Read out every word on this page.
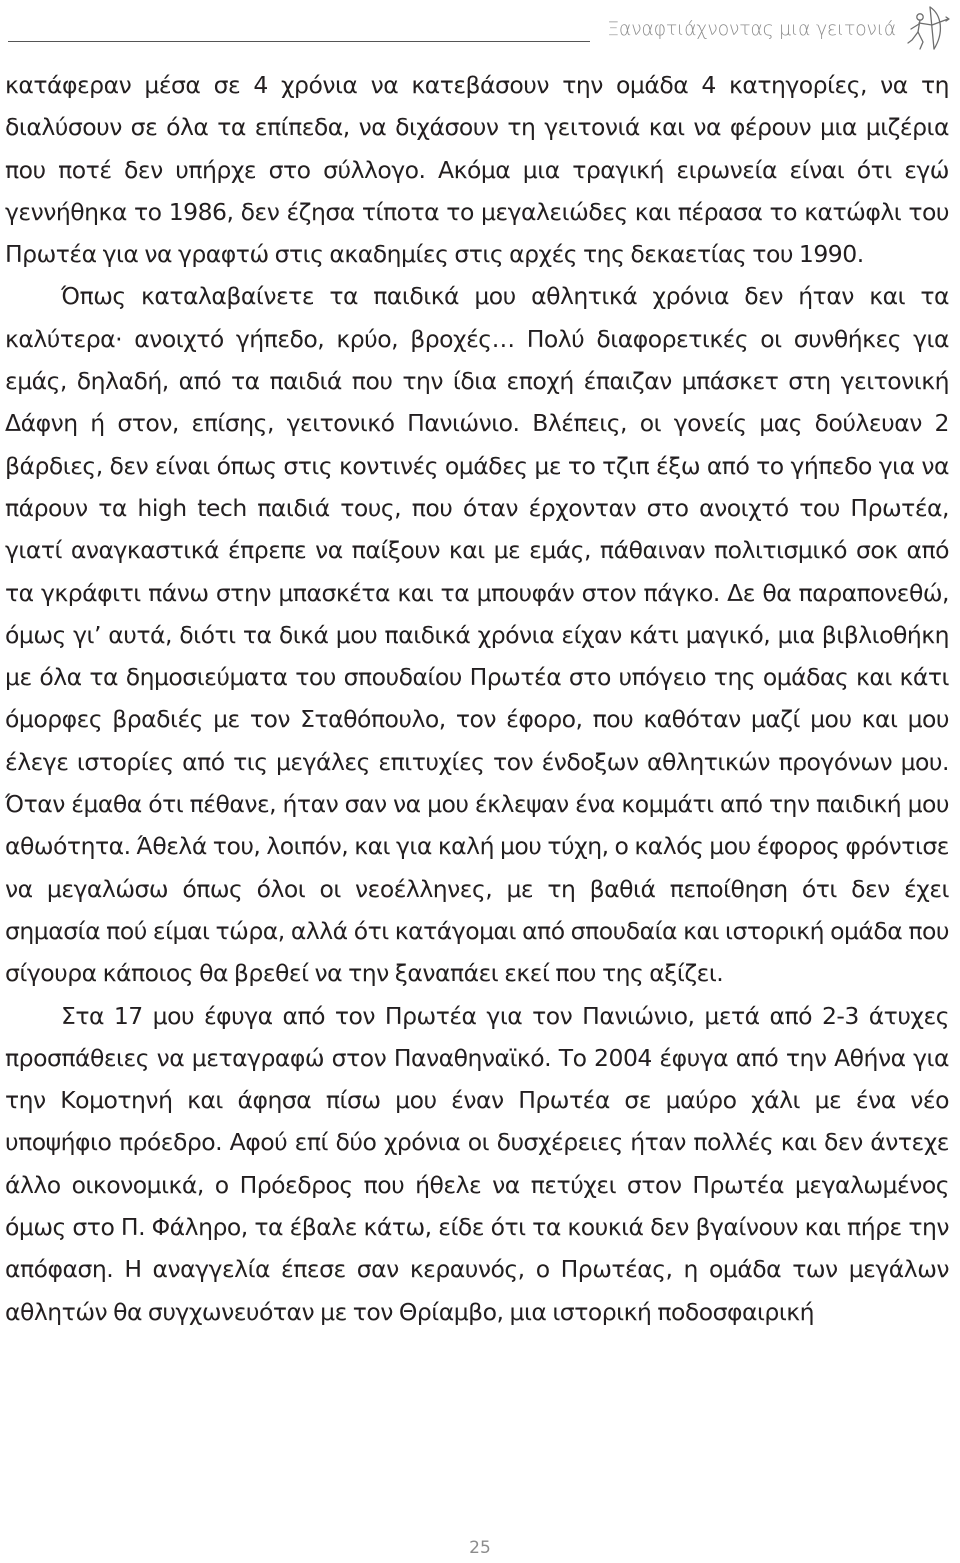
Ξαναφτιάχνοντας μια γειτονιά

κατάφεραν μέσα σε 4 χρόνια να κατεβάσουν την ομάδα 4 κατηγορίες, να τη διαλύσουν σε όλα τα επίπεδα, να διχάσουν τη γειτονιά και να φέρουν μια μιζέρια που ποτέ δεν υπήρχε στο σύλλογο. Ακόμα μια τραγική ειρωνεία είναι ότι εγώ γεννήθηκα το 1986, δεν έζησα τίποτα το μεγαλειώδες και πέρασα το κατώφλι του Πρωτέα για να γραφτώ στις ακαδημίες στις αρχές της δεκαετίας του 1990.

Όπως καταλαβαίνετε τα παιδικά μου αθλητικά χρόνια δεν ήταν και τα καλύτερα· ανοιχτό γήπεδο, κρύο, βροχές… Πολύ διαφορετικές οι συνθήκες για εμάς, δηλαδή, από τα παιδιά που την ίδια εποχή έπαιζαν μπάσκετ στη γειτονική Δάφνη ή στον, επίσης, γειτονικό Πανιώνιο. Βλέπεις, οι γονείς μας δούλευαν 2 βάρδιες, δεν είναι όπως στις κοντινές ομάδες με το τζιπ έξω από το γήπεδο για να πάρουν τα high tech παιδιά τους, που όταν έρχονταν στο ανοιχτό του Πρωτέα, γιατί αναγκαστικά έπρεπε να παίξουν και με εμάς, πάθαιναν πολιτισμικό σοκ από τα γκράφιτι πάνω στην μπασκέτα και τα μπουφάν στον πάγκο. Δε θα παραπονεθώ, όμως γι’ αυτά, διότι τα δικά μου παιδικά χρόνια είχαν κάτι μαγικό, μια βιβλιοθήκη με όλα τα δημοσιεύματα του σπουδαίου Πρωτέα στο υπόγειο της ομάδας και κάτι όμορφες βραδιές με τον Σταθόπουλο, τον έφορο, που καθόταν μαζί μου και μου έλεγε ιστορίες από τις μεγάλες επιτυχίες τον ένδοξων αθλητικών προγόνων μου. Όταν έμαθα ότι πέθανε, ήταν σαν να μου έκλεψαν ένα κομμάτι από την παιδική μου αθωότητα. Άθελά του, λοιπόν, και για καλή μου τύχη, ο καλός μου έφορος φρόντισε να μεγαλώσω όπως όλοι οι νεοέλληνες, με τη βαθιά πεποίθηση ότι δεν έχει σημασία πού είμαι τώρα, αλλά ότι κατάγομαι από σπουδαία και ιστορική ομάδα που σίγουρα κάποιος θα βρεθεί να την ξαναπάει εκεί που της αξίζει.

Στα 17 μου έφυγα από τον Πρωτέα για τον Πανιώνιο, μετά από 2-3 άτυχες προσπάθειες να μεταγραφώ στον Παναθηναϊκό. Το 2004 έφυγα από την Αθήνα για την Κομοτηνή και άφησα πίσω μου έναν Πρωτέα σε μαύρο χάλι με ένα νέο υποψήφιο πρόεδρο. Αφού επί δύο χρόνια οι δυσχέρειες ήταν πολλές και δεν άντεχε άλλο οικονομικά, ο Πρόεδρος που ήθελε να πετύχει στον Πρωτέα μεγαλωμένος όμως στο Π. Φάληρο, τα έβαλε κάτω, είδε ότι τα κουκιά δεν βγαίνουν και πήρε την απόφαση. Η αναγγελία έπεσε σαν κεραυνός, ο Πρωτέας, η ομάδα των μεγάλων αθλητών θα συγχωνευόταν με τον Θρίαμβο, μια ιστορική ποδοσφαιρική

25
